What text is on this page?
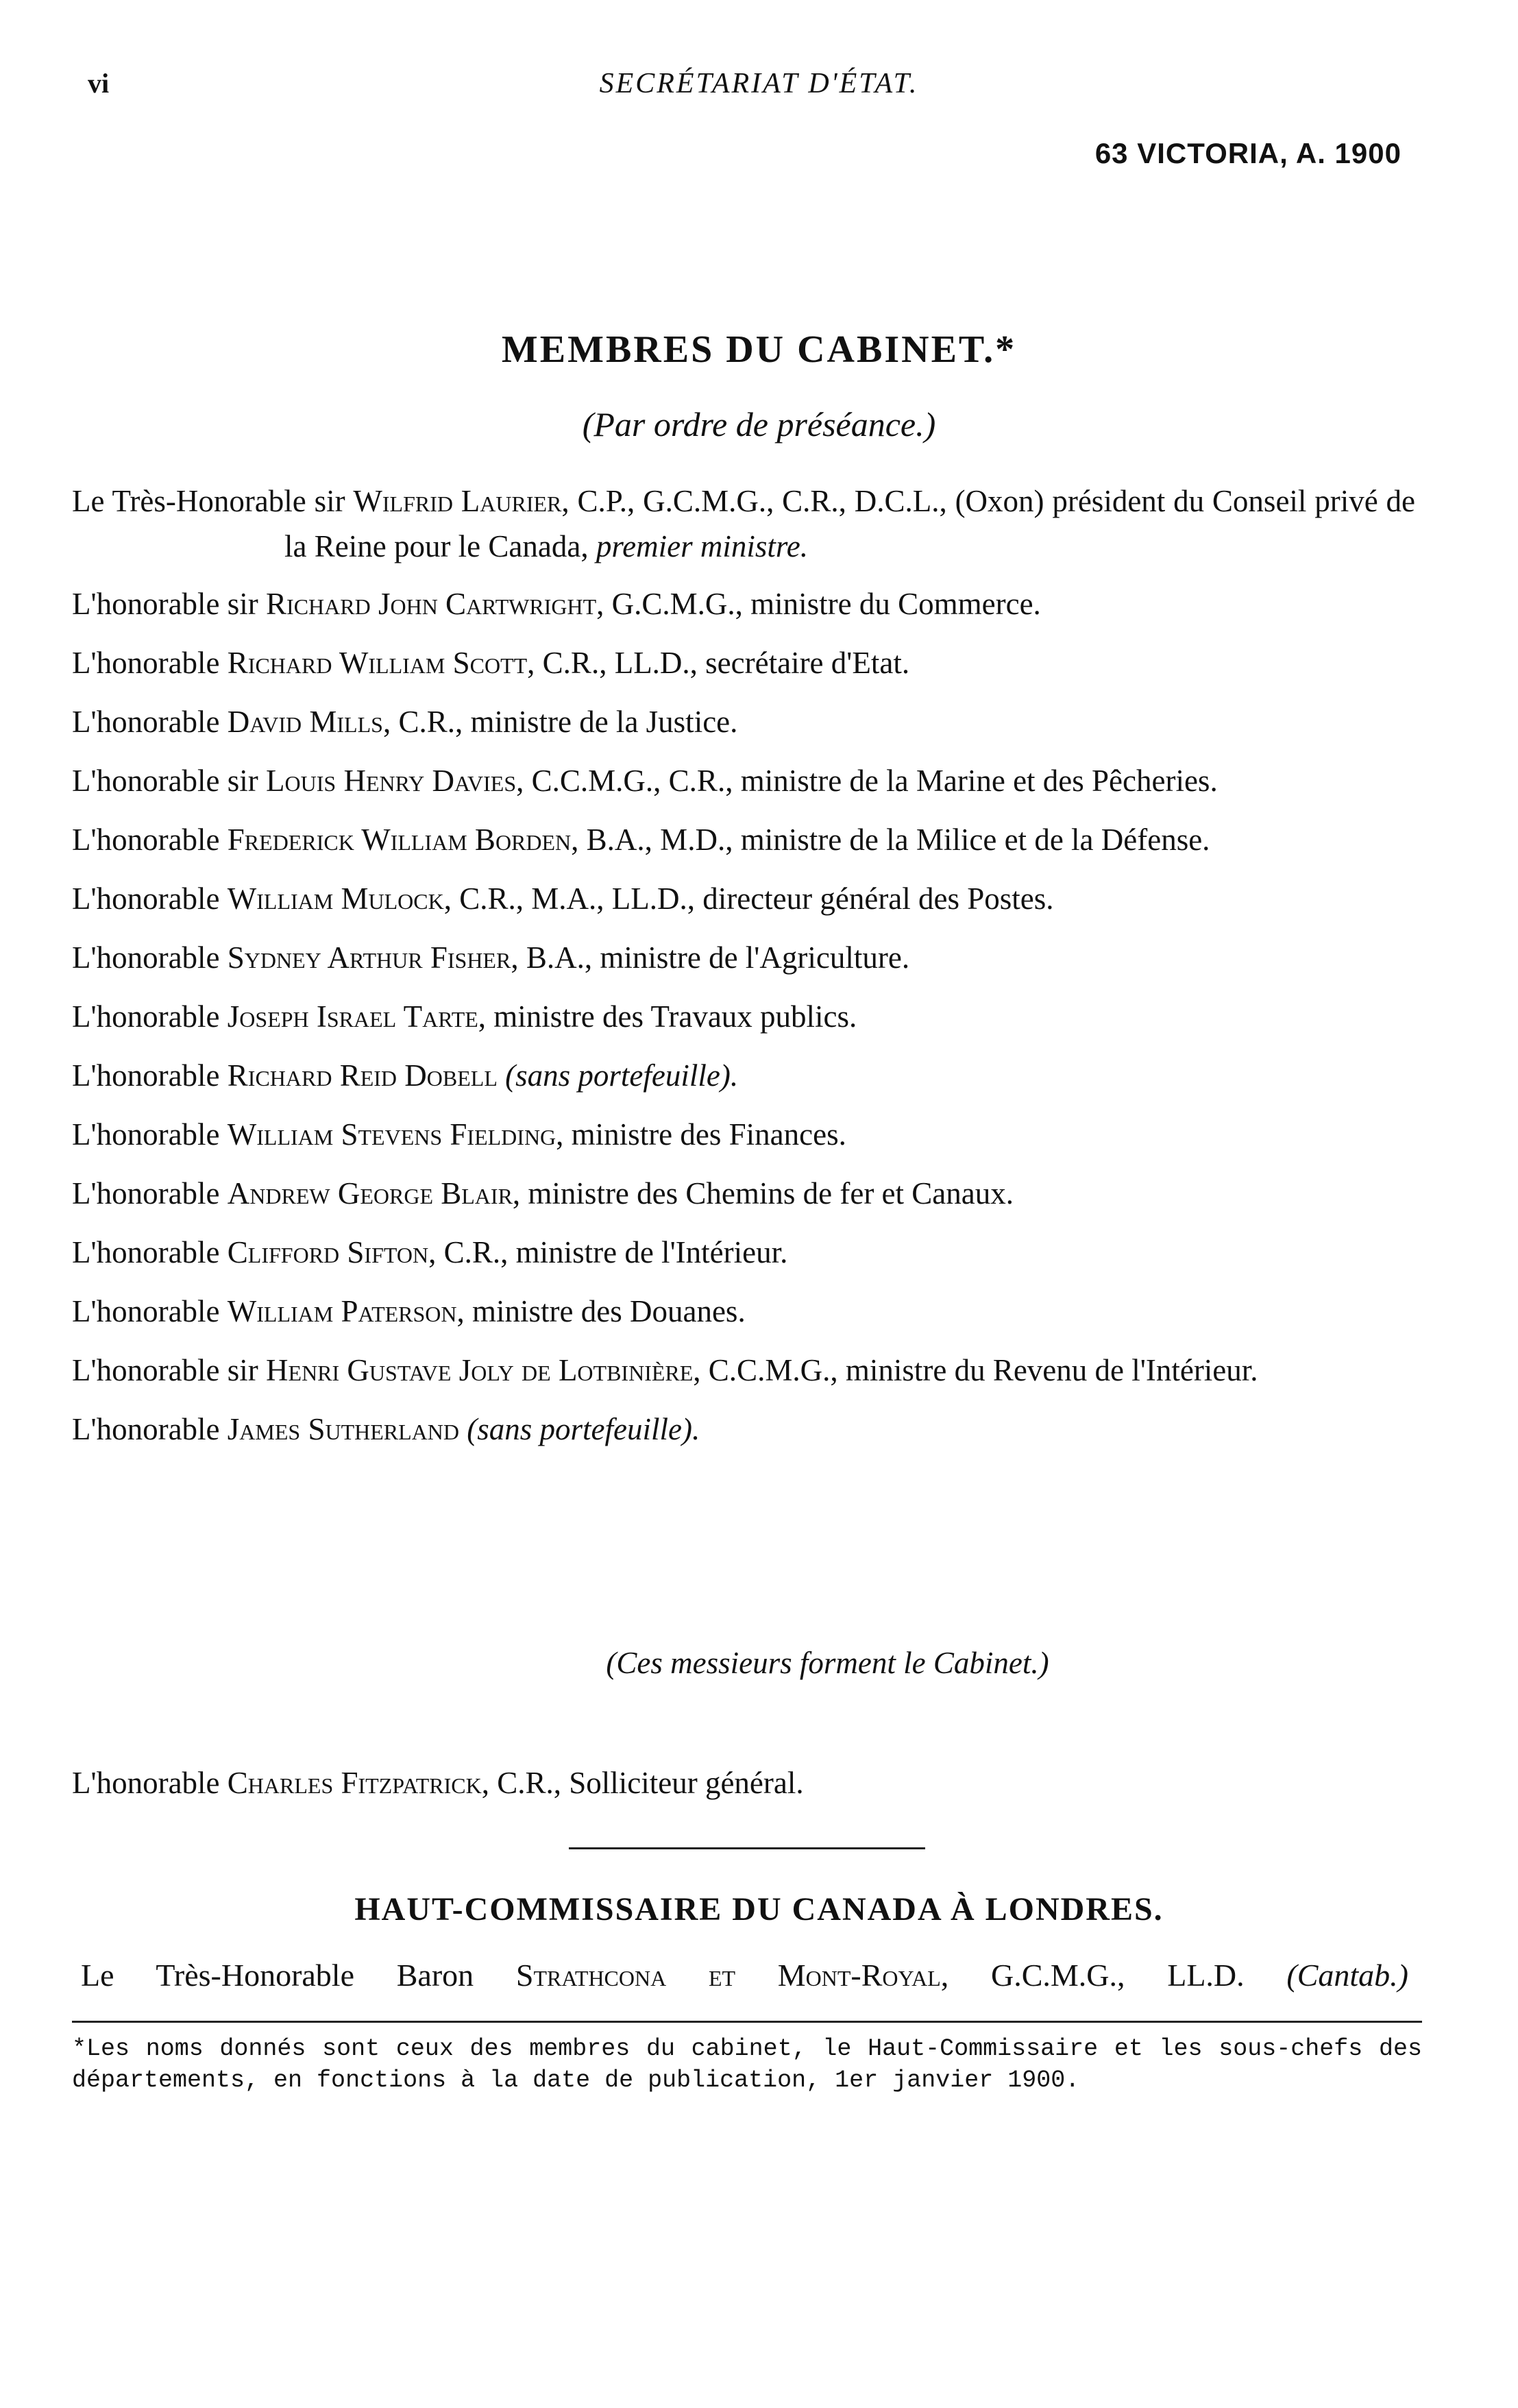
vi	SECRÉTARIAT D'ÉTAT.
63 VICTORIA, A. 1900
MEMBRES DU CABINET.*
(Par ordre de préséance.)
Le Très-Honorable sir Wilfrid Laurier, C.P., G.C.M.G., C.R., D.C.L., (Oxon) président du Conseil privé de la Reine pour le Canada, premier ministre.
L'honorable sir Richard John Cartwright, G.C.M.G., ministre du Commerce.
L'honorable Richard William Scott, C.R., LL.D., secrétaire d'Etat.
L'honorable David Mills, C.R., ministre de la Justice.
L'honorable sir Louis Henry Davies, C.C.M.G., C.R., ministre de la Marine et des Pêcheries.
L'honorable Frederick William Borden, B.A., M.D., ministre de la Milice et de la Défense.
L'honorable William Mulock, C.R., M.A., LL.D., directeur général des Postes.
L'honorable Sydney Arthur Fisher, B.A., ministre de l'Agriculture.
L'honorable Joseph Israel Tarte, ministre des Travaux publics.
L'honorable Richard Reid Dobell (sans portefeuille).
L'honorable William Stevens Fielding, ministre des Finances.
L'honorable Andrew George Blair, ministre des Chemins de fer et Canaux.
L'honorable Clifford Sifton, C.R., ministre de l'Intérieur.
L'honorable William Paterson, ministre des Douanes.
L'honorable sir Henri Gustave Joly de Lotbinière, C.C.M.G., ministre du Revenu de l'Intérieur.
L'honorable James Sutherland (sans portefeuille).
(Ces messieurs forment le Cabinet.)
L'honorable Charles Fitzpatrick, C.R., Solliciteur général.
HAUT-COMMISSAIRE DU CANADA À LONDRES.
Le Très-Honorable Baron Strathcona et Mont-Royal, G.C.M.G., LL.D. (Cantab.)
*Les noms donnés sont ceux des membres du cabinet, le Haut-Commissaire et les sous-chefs des départements, en fonctions à la date de publication, 1er janvier 1900.
